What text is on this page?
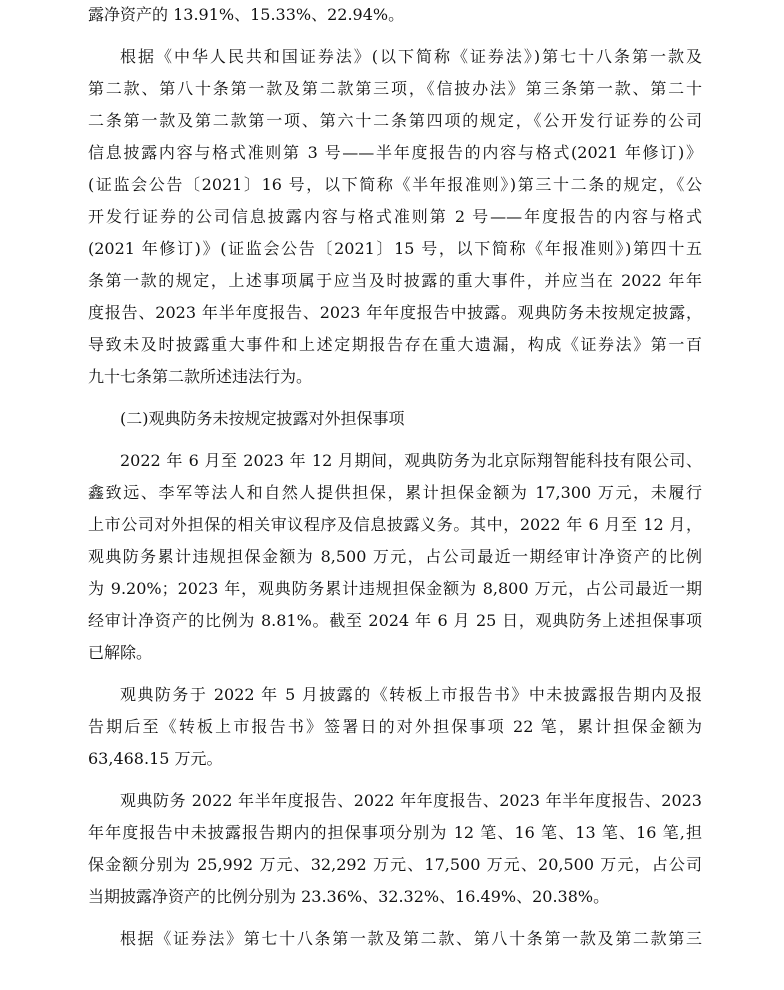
露净资产的 13.91%、15.33%、22.94%。
根据《中华人民共和国证券法》(以下简称《证券法》)第七十八条第一款及
第二款、第八十条第一款及第二款第三项，《信披办法》第三条第一款、第二十
二条第一款及第二款第一项、第六十二条第四项的规定，《公开发行证券的公司
信息披露内容与格式准则第 3 号——半年度报告的内容与格式(2021 年修订)》
(证监会公告〔2021〕16 号，以下简称《半年报准则》)第三十二条的规定，《公
开发行证券的公司信息披露内容与格式准则第 2 号——年度报告的内容与格式
(2021 年修订)》(证监会公告〔2021〕15 号，以下简称《年报准则》)第四十五
条第一款的规定，上述事项属于应当及时披露的重大事件，并应当在 2022 年年
度报告、2023 年半年度报告、2023 年年度报告中披露。观典防务未按规定披露，
导致未及时披露重大事件和上述定期报告存在重大遗漏，构成《证券法》第一百
九十七条第二款所述违法行为。
(二)观典防务未按规定披露对外担保事项
2022 年 6 月至 2023 年 12 月期间，观典防务为北京际翔智能科技有限公司、
鑫致远、李军等法人和自然人提供担保，累计担保金额为 17,300 万元，未履行
上市公司对外担保的相关审议程序及信息披露义务。其中，2022 年 6 月至 12 月，
观典防务累计违规担保金额为 8,500 万元，占公司最近一期经审计净资产的比例
为 9.20%；2023 年，观典防务累计违规担保金额为 8,800 万元，占公司最近一期
经审计净资产的比例为 8.81%。截至 2024 年 6 月 25 日，观典防务上述担保事项
已解除。
观典防务于 2022 年 5 月披露的《转板上市报告书》中未披露报告期内及报
告期后至《转板上市报告书》签署日的对外担保事项 22 笔，累计担保金额为
63,468.15 万元。
观典防务 2022 年半年度报告、2022 年年度报告、2023 年半年度报告、2023
年年度报告中未披露报告期内的担保事项分别为 12 笔、16 笔、13 笔、16 笔,担
保金额分别为 25,992 万元、32,292 万元、17,500 万元、20,500 万元，占公司
当期披露净资产的比例分别为 23.36%、32.32%、16.49%、20.38%。
根据《证券法》第七十八条第一款及第二款、第八十条第一款及第二款第三
